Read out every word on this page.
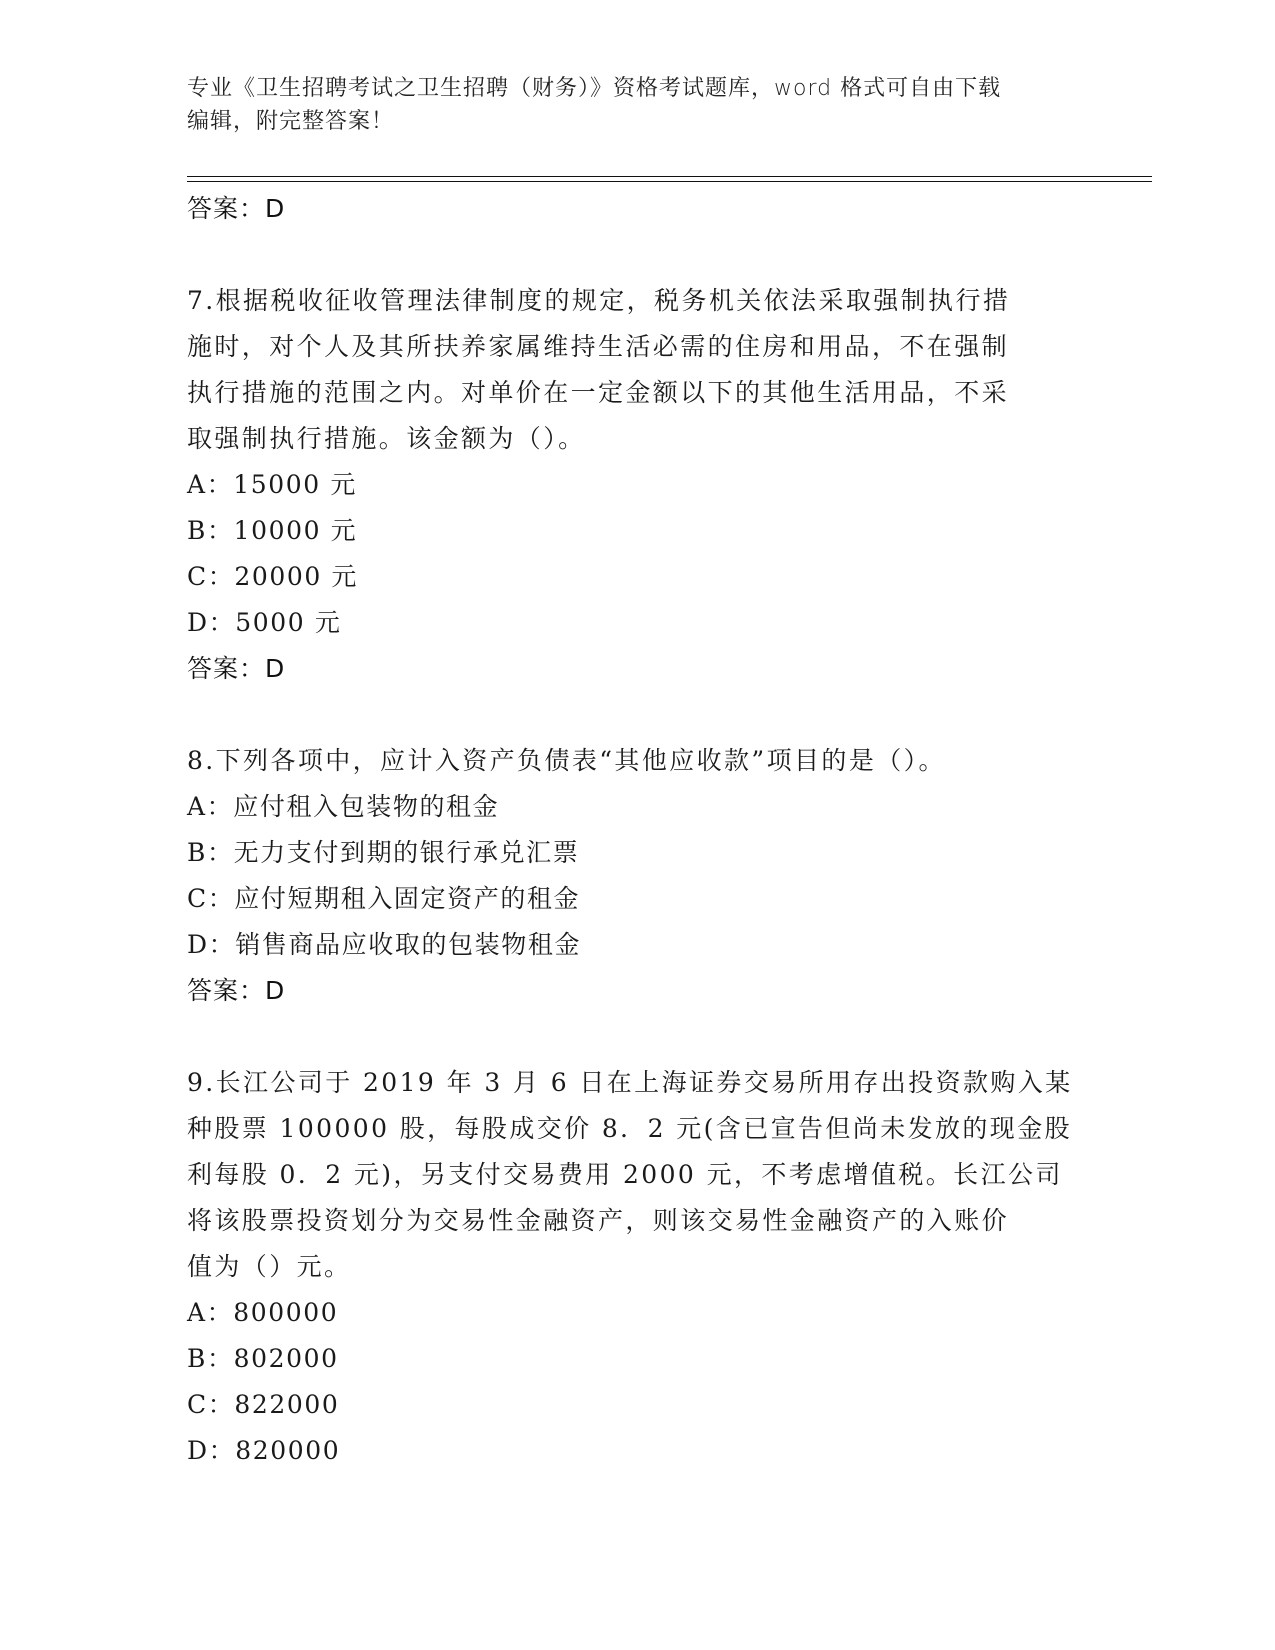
专业《卫生招聘考试之卫生招聘（财务）》资格考试题库，word 格式可自由下载
编辑，附完整答案！
答案：D
7.根据税收征收管理法律制度的规定，税务机关依法采取强制执行措
施时，对个人及其所扶养家属维持生活必需的住房和用品，不在强制
执行措施的范围之内。对单价在一定金额以下的其他生活用品，不采
取强制执行措施。该金额为（）。
A：15000 元
B：10000 元
C：20000 元
D：5000 元
答案：D
8.下列各项中，应计入资产负债表“其他应收款”项目的是（）。
A：应付租入包装物的租金
B：无力支付到期的银行承兑汇票
C：应付短期租入固定资产的租金
D：销售商品应收取的包装物租金
答案：D
9.长江公司于 2019 年 3 月 6 日在上海证券交易所用存出投资款购入某
种股票 100000 股，每股成交价 8．2 元(含已宣告但尚未发放的现金股
利每股 0．2 元)，另支付交易费用 2000 元，不考虑增值税。长江公司
将该股票投资划分为交易性金融资产，则该交易性金融资产的入账价
值为（）元。
A：800000
B：802000
C：822000
D：820000
